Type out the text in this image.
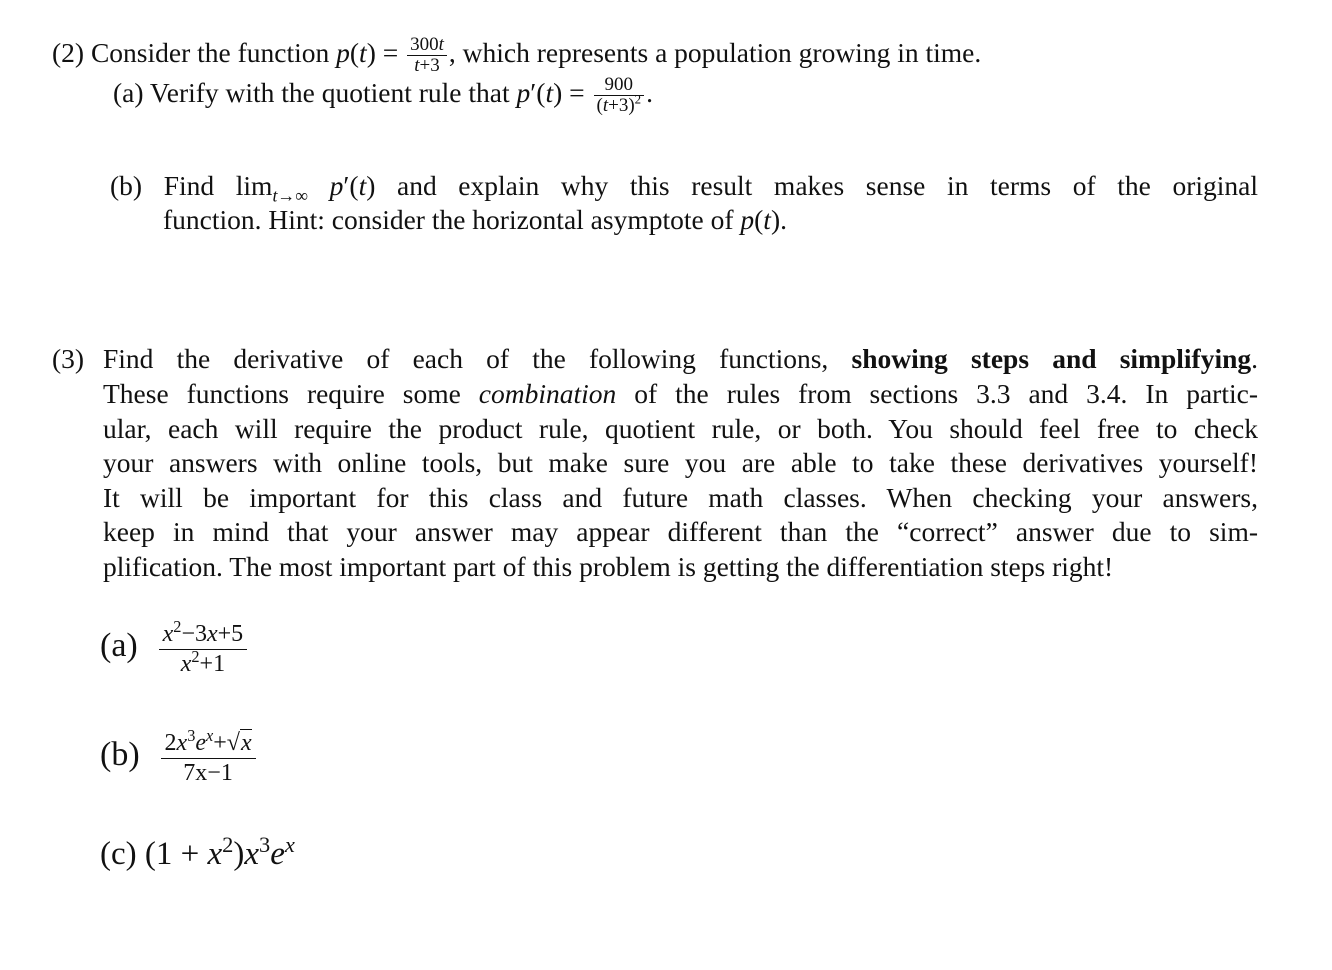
(2) Consider the function $p(t) = \frac{300t}{t+3}$ , which represents a population growing in time.
(a) Verify with the quotient rule that $p'(t) = \frac{900}{(t+3)^2}$ .
(b) Find $\lim_{t\to\infty} p'(t)$ and explain why this result makes sense in terms of the original
function. Hint: consider the horizontal asymptote of p(t).
(3) Find the derivative of each of the following functions, showing steps and simplifying.
These functions require some combination of the rules from sections 3.3 and 3.4. In partic-
ular, each will require the product rule, quotient rule, or both. You should feel free to check
your answers with online tools, but make sure you are able to take these derivatives yourself!
It will be important for this class and future math classes. When checking your answers,
keep in mind that your answer may appear different than the “correct” answer due to sim-
plification. The most important part of this problem is getting the differentiation steps right!
$(a) \frac{x^2-3x+5}{x^2+1}$
$(b) \frac{2x^3e^x+√x}{7x-1}$
(c) $(1 + x^2)x^3e^x$
